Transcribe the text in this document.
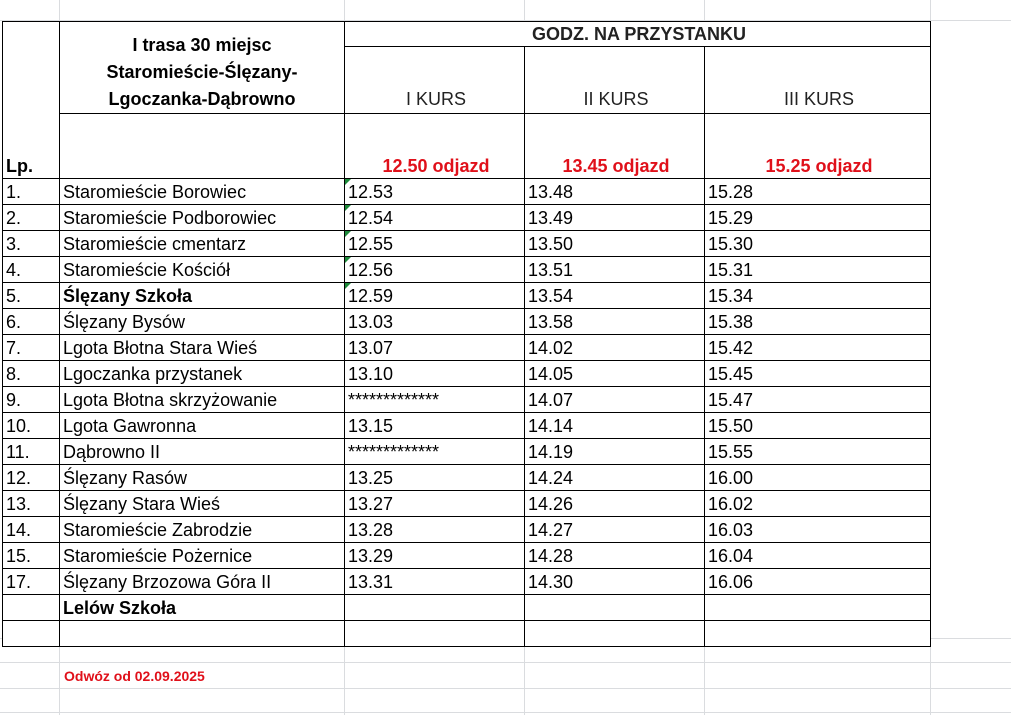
Lp.	I trasa 30 miejsc
Staromieście-Ślęzany-
Lgoczanka-Dąbrowno	GODZ. NA PRZYSTANKU		
		I KURS	II KURS	III KURS
		12.50 odjazd	13.45 odjazd	15.25 odjazd
1.	Staromieście Borowiec	12.53	13.48	15.28
2.	Staromieście Podborowiec	12.54	13.49	15.29
3.	Staromieście cmentarz	12.55	13.50	15.30
4.	Staromieście Kościół	12.56	13.51	15.31
5.	Ślęzany Szkoła	12.59	13.54	15.34
6.	Ślęzany Bysów	13.03	13.58	15.38
7.	Lgota Błotna Stara Wieś	13.07	14.02	15.42
8.	Lgoczanka przystanek	13.10	14.05	15.45
9.	Lgota Błotna skrzyżowanie	*************	14.07	15.47
10.	Lgota Gawronna	13.15	14.14	15.50
11.	Dąbrowno II	*************	14.19	15.55
12.	Ślęzany Rasów	13.25	14.24	16.00
13.	Ślęzany Stara Wieś	13.27	14.26	16.02
14.	Staromieście Zabrodzie	13.28	14.27	16.03
15.	Staromieście Pożernice	13.29	14.28	16.04
17.	Ślęzany Brzozowa Góra II	13.31	14.30	16.06
	Lelów Szkoła			

Odwóz od 02.09.2025
